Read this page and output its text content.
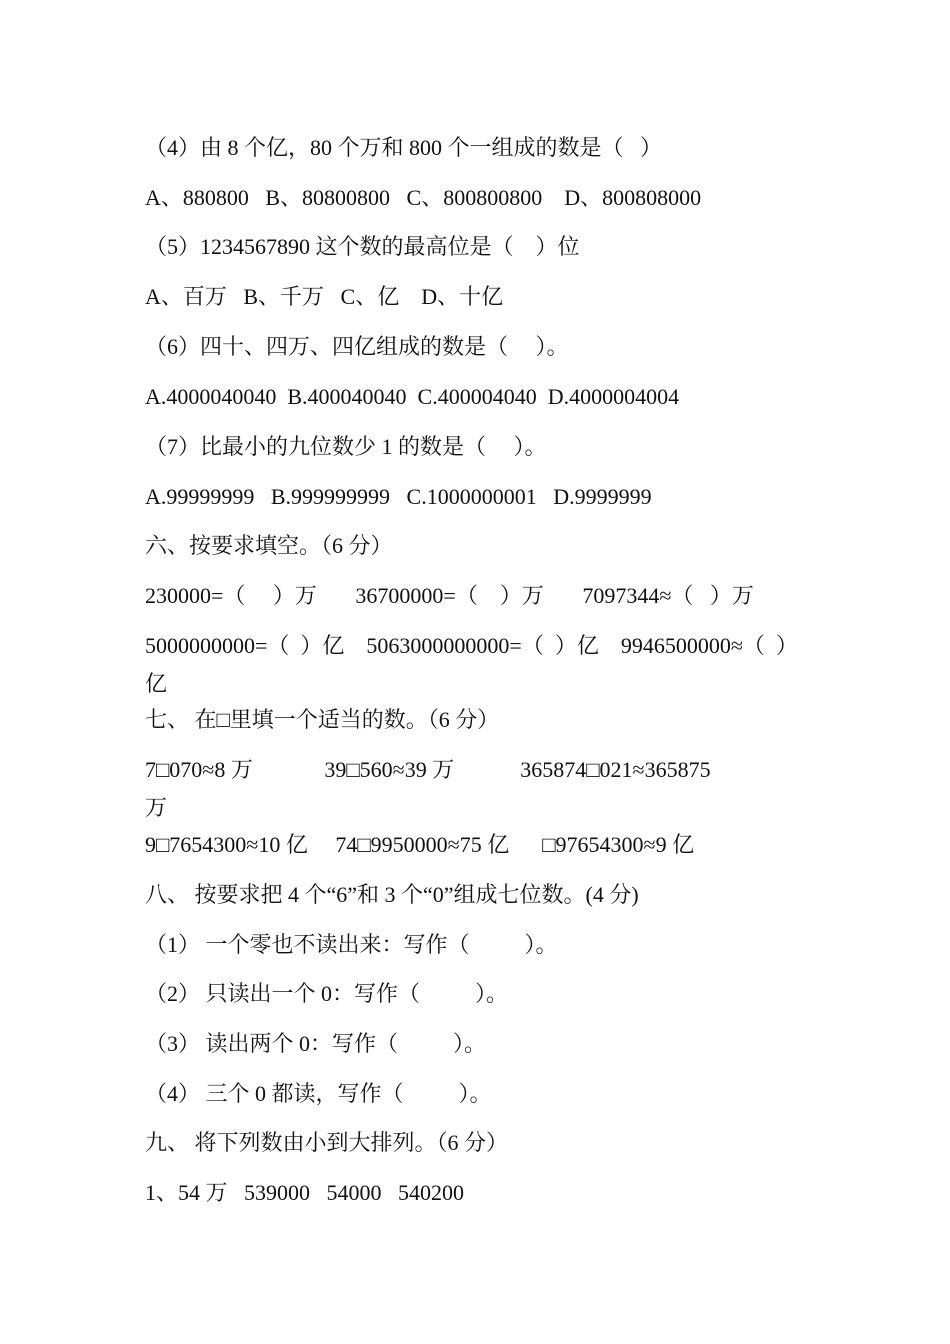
（4）由 8 个亿，80 个万和 800 个一组成的数是（   ）
A、880800   B、80800800   C、800800800    D、800808000
（5）1234567890 这个数的最高位是（    ）位
A、百万   B、千万   C、亿    D、十亿
（6）四十、四万、四亿组成的数是（     ）。
A.4000040040  B.400040040  C.400004040  D.4000004004
（7）比最小的九位数少 1 的数是（     ）。
A.99999999   B.999999999   C.1000000001   D.9999999
六、按要求填空。（6 分）
230000=（     ）万       36700000=（    ）万       7097344≈（   ）万
5000000000=（  ）亿    5063000000000=（  ）亿    9946500000≈（  ）
亿
七、 在□里填一个适当的数。（6 分）
7□070≈8 万             39□560≈39 万            365874□021≈365875
万
9□7654300≈10 亿     74□9950000≈75 亿      □97654300≈9 亿
八、 按要求把 4 个“6”和 3 个“0”组成七位数。(4 分)
（1） 一个零也不读出来：写作（          ）。
（2） 只读出一个 0：写作（          ）。
（3） 读出两个 0：写作（          ）。
（4） 三个 0 都读，写作（          ）。
九、 将下列数由小到大排列。（6 分）
1、54 万   539000   54000   540200
